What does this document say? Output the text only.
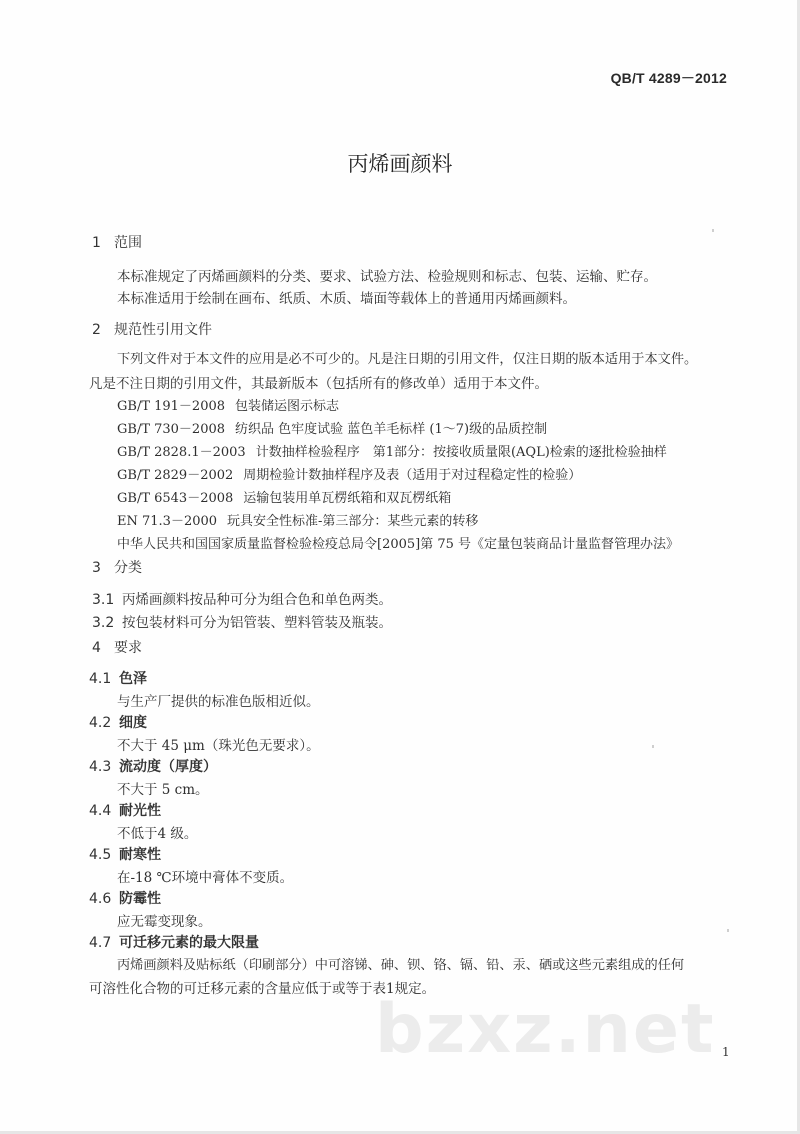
QB/T 4289－2012
丙烯画颜料
1 范围
本标准规定了丙烯画颜料的分类、要求、试验方法、检验规则和标志、包装、运输、贮存。
本标准适用于绘制在画布、纸质、木质、墙面等载体上的普通用丙烯画颜料。
2 规范性引用文件
下列文件对于本文件的应用是必不可少的。凡是注日期的引用文件，仅注日期的版本适用于本文件。
凡是不注日期的引用文件，其最新版本（包括所有的修改单）适用于本文件。
GB/T 191－2008 包装储运图示标志
GB/T 730－2008 纺织品 色牢度试验 蓝色羊毛标样 (1～7)级的品质控制
GB/T 2828.1－2003 计数抽样检验程序　第1部分：按接收质量限(AQL)检索的逐批检验抽样
GB/T 2829－2002 周期检验计数抽样程序及表（适用于对过程稳定性的检验）
GB/T 6543－2008 运输包装用单瓦楞纸箱和双瓦楞纸箱
EN 71.3－2000 玩具安全性标准-第三部分：某些元素的转移
中华人民共和国国家质量监督检验检疫总局令[2005]第 75 号《定量包装商品计量监督管理办法》
3 分类
3.1 丙烯画颜料按品种可分为组合色和单色两类。
3.2 按包装材料可分为铝管装、塑料管装及瓶装。
4 要求
4.1 色泽
与生产厂提供的标准色版相近似。
4.2 细度
不大于 45 μm（珠光色无要求）。
4.3 流动度（厚度）
不大于 5 cm。
4.4 耐光性
不低于4 级。
4.5 耐寒性
在-18 ℃环境中膏体不变质。
4.6 防霉性
应无霉变现象。
4.7 可迁移元素的最大限量
丙烯画颜料及贴标纸（印刷部分）中可溶锑、砷、钡、铬、镉、铅、汞、硒或这些元素组成的任何
可溶性化合物的可迁移元素的含量应低于或等于表1规定。
bzxz.net 1
